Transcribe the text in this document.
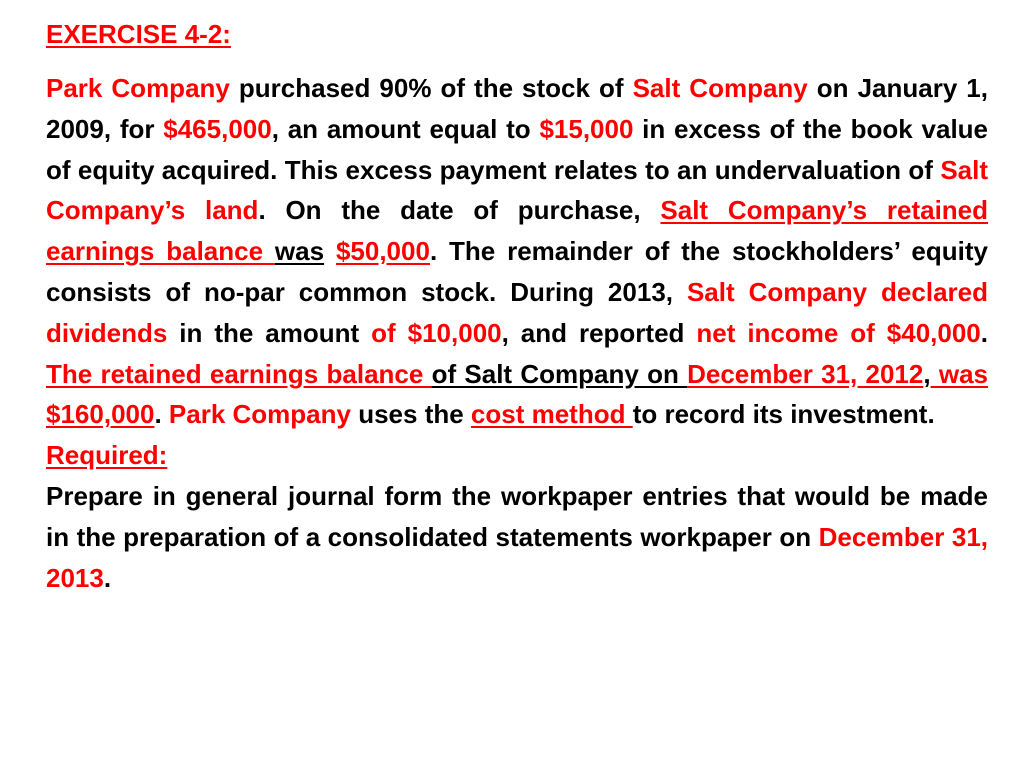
EXERCISE 4-2:

Park Company purchased 90% of the stock of Salt Company on January 1, 2009, for $465,000, an amount equal to $15,000 in excess of the book value of equity acquired. This excess payment relates to an undervaluation of Salt Company’s land. On the date of purchase, Salt Company’s retained earnings balance was $50,000. The remainder of the stockholders’ equity consists of no-par common stock. During 2013, Salt Company declared dividends in the amount of $10,000, and reported net income of $40,000. The retained earnings balance of Salt Company on December 31, 2012, was $160,000. Park Company uses the cost method to record its investment.

Required:

Prepare in general journal form the workpaper entries that would be made in the preparation of a consolidated statements workpaper on December 31, 2013.
